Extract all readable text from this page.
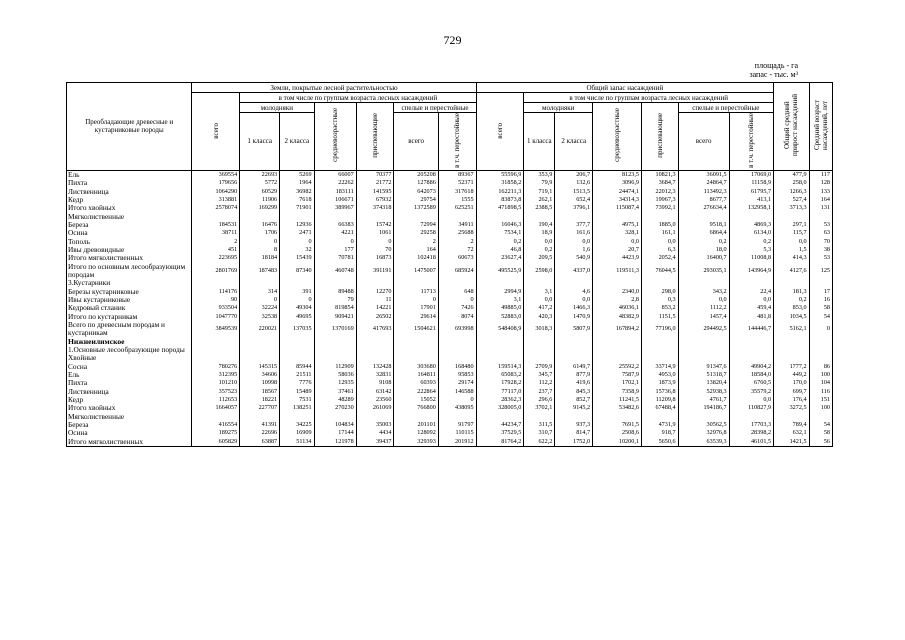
729
площадь - га
запас - тыс. м³
Преобладающие древесные и кустарниковые породы	Земли, покрытые лесной растительностью							Общий запас насаждений							Общий средний прирост насаждений	Средний возраст насаждений, лет
	всего	в том числе по группам возраста лесных насаждений						всего	в том числе по группам возраста лесных насаждений							
		молодняки		средневозрастные	приспевающие	спелые и перестойные			молодняки		средневозрастные	приспевающие	спелые и перестойные			

		1 класса	2 класса			всего	в т.ч. перестойные		1 класса	2 класса			всего	в т.ч. перестойные		
Ель	369554	22693	5269	66007	70377	205208	89367	55596,9	353,9	206,7	8123,5	10821,3	36091,5	17069,0	477,9	117
Пихта	179656	5772	1964	22262	21772	127886	52371	31858,2	79,9	132,6	3096,9	3684,7	24864,7	11158,9	258,0	128
Лиственница	1064290	60529	36982	183111	141595	642073	317618	162211,3	719,1	1513,5	24474,1	22012,3	113492,3	61795,7	1266,3	133
Кедр	313881	11906	7618	106671	67932	29754	1555	83873,8	262,1	652,4	34314,3	19967,3	8677,7	413,1	527,4	164
Итого хвойных	2578074	169299	71901	389967	374318	1372589	625251	471898,5	2388,5	3796,1	115087,4	73992,1	276634,4	132958,1	3713,3	131
Мягколиственные																
Береза	184531	16476	12936	66383	15742	72994	34911	16046,3	190,4	377,7	4975,1	1885,0	9518,1	4869,3	297,1	53
Осина	38711	1706	2471	4221	1061	29258	25688	7534,1	18,9	161,6	328,1	161,1	6864,4	6134,0	115,7	63
Тополь	2	0	0	0	0	2	2	0,2	0,0	0,0	0,0	0,0	0,2	0,2	0,0	70
Ивы древовидные	451	8	32	177	70	164	72	46,8	0,2	1,6	20,7	6,3	18,0	5,3	1,5	38
Итого мягколиственных	223695	18184	15439	70781	16873	102418	60673	23627,4	209,5	540,9	4423,9	2052,4	16400,7	11008,8	414,3	53
Итого по основным лесообразующим породам	2801769	187483	87340	460748	391191	1475007	685924	495525,9	2598,0	4337,0	119511,3	76044,5	293035,1	143964,9	4127,6	125
3.Кустарники																
Березы кустарниковые	114176	314	391	89488	12270	11713	648	2994,9	3,1	4,6	2340,0	298,0	343,2	22,4	181,3	17
Ивы кустарниковые	90	0	0	79	11	0	0	3,1	0,0	0,0	2,8	0,3	0,0	0,0	0,2	16
Кедровый стланик	933504	32224	49304	819854	14221	17901	7426	49885,0	417,2	1466,3	46036,1	853,2	1112,2	459,4	853,0	58
Итого по кустарникам	1047770	32538	49695	909421	26502	29614	8074	52883,0	420,3	1470,9	48382,9	1151,5	1457,4	481,8	1034,5	54
Всего по древесным породам и кустарникам	3849539	220021	137035	1370169	417693	1504621	693998	548408,9	3018,3	5807,9	167894,2	77196,0	294492,5	144446,7	5162,1	0
Нижнеилимское																
1.Основные лесообразующие породы																
Хвойные																
Сосна	780276	145315	85944	112909	132428	303680	168480	159514,3	2709,9	6149,7	25592,2	33714,9	91347,6	49904,2	1777,2	86
Ель	312395	34606	21511	58036	32831	164811	95853	65083,2	345,7	877,9	7587,9	4953,0	51318,7	18584,0	449,2	100
Пихта	101210	10998	7776	12935	9108	60393	29174	17928,2	112,2	419,6	1702,1	1873,9	13820,4	6760,5	170,0	104
Лиственница	357523	18567	15489	37461	63142	222864	146588	77117,0	237,7	845,3	7358,9	15736,8	52938,3	35579,2	699,7	116
Кедр	112653	18221	7531	48289	23560	15052	0	28362,3	296,6	852,7	11241,5	11209,8	4761,7	0,0	176,4	151
Итого хвойных	1664057	227707	138251	270230	261069	766800	438095	328005,0	3702,1	9145,2	53482,6	67488,4	194186,7	110827,9	3272,5	100
Мягколиственные																
Береза	416554	41391	34225	104834	35003	201101	91797	44234,7	311,5	937,3	7691,5	4731,9	30562,5	17703,3	789,4	54
Осина	189275	22696	16909	17144	4434	128092	110115	37529,5	310,7	814,7	2508,6	918,7	32976,8	28398,2	632,1	58
Итого мягколиственных	605829	63887	51134	121978	39437	329393	201912	81764,2	622,2	1752,0	10200,1	5650,6	63539,3	46101,5	1421,5	56
